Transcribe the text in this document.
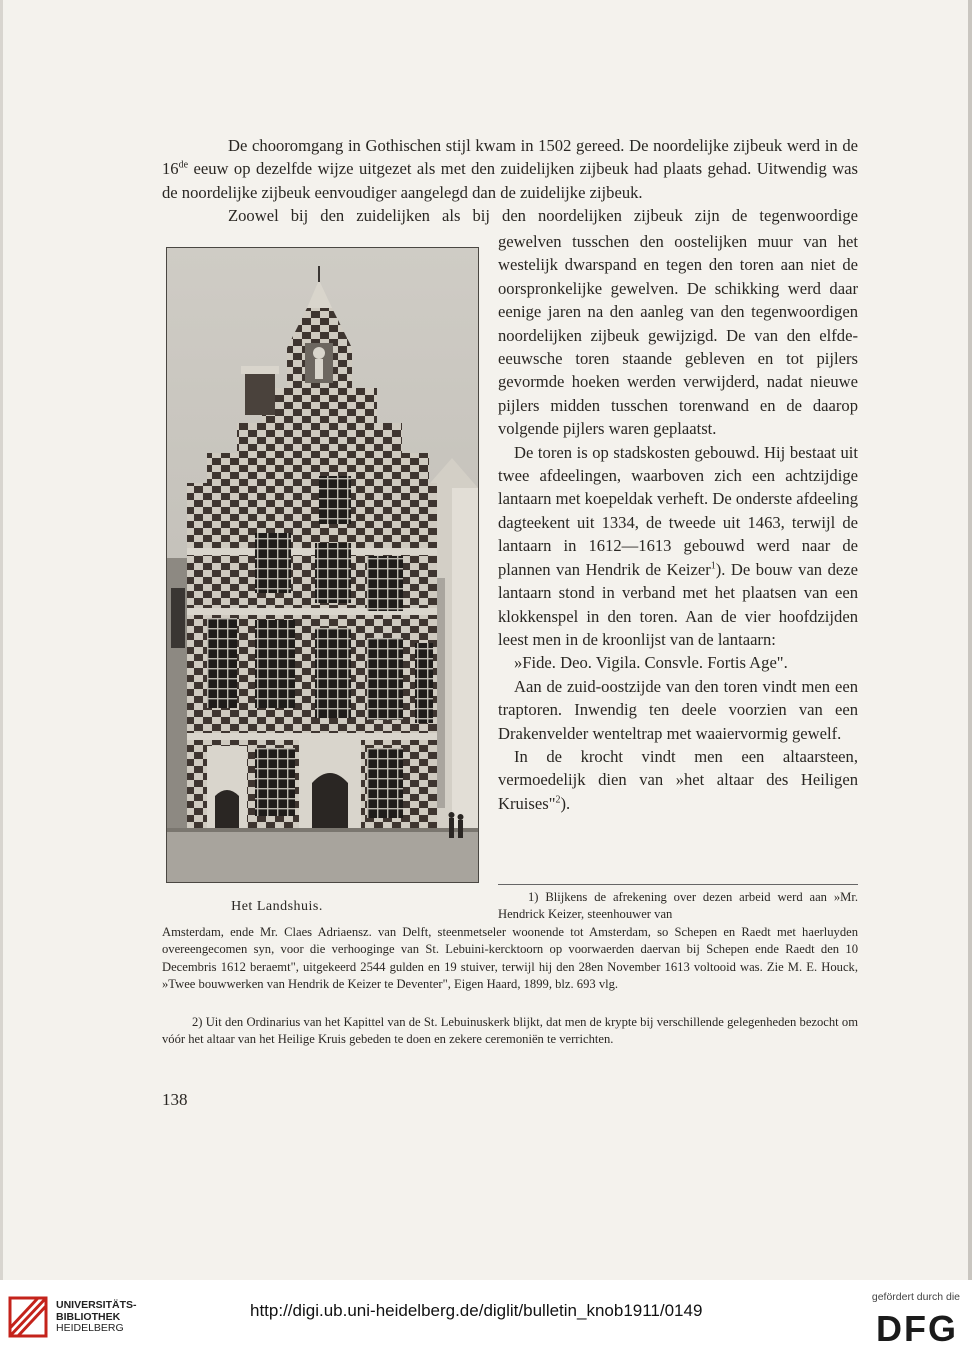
De chooromgang in Gothischen stijl kwam in 1502 gereed. De noordelijke zijbeuk werd in de 16de eeuw op dezelfde wijze uitgezet als met den zuidelijken zijbeuk had plaats gehad. Uitwendig was de noordelijke zijbeuk eenvoudiger aangelegd dan de zuidelijke zijbeuk.

Zoowel bij den zuidelijken als bij den noordelijken zijbeuk zijn de tegenwoordige

gewelven tusschen den oostelijken muur van het westelijk dwarspand en tegen den toren aan niet de oorspronkelijke gewelven. De schikking werd daar eenige jaren na den aanleg van den tegenwoordigen noordelijken zijbeuk gewijzigd. De van den elfde-eeuwsche toren staande gebleven en tot pijlers gevormde hoeken werden verwijderd, nadat nieuwe pijlers midden tusschen torenwand en de daarop volgende pijlers waren geplaatst.

De toren is op stadskosten gebouwd. Hij bestaat uit twee afdeelingen, waarboven zich een achtzijdige lantaarn met koepeldak verheft. De onderste afdeeling dagteekent uit 1334, de tweede uit 1463, terwijl de lantaarn in 1612—1613 gebouwd werd naar de plannen van Hendrik de Keizer$^1$). De bouw van deze lantaarn stond in verband met het plaatsen van een klokkenspel in den toren. Aan de vier hoofdzijden leest men in de kroonlijst van de lantaarn:

»Fide. Deo. Vigila. Consvle. Fortis Age".

Aan de zuid-oostzijde van den toren vindt men een traptoren. Inwendig ten deele voorzien van een Drakenvelder wenteltrap met waaiervormig gewelf.

In de krocht vindt men een altaarsteen, vermoedelijk dien van »het altaar des Heiligen Kruises"$^2$).

Het Landshuis.

1) Blijkens de afrekening over dezen arbeid werd aan »Mr. Hendrick Keizer, steenhouwer van

Amsterdam, ende Mr. Claes Adriaensz. van Delft, steenmetseler woonende tot Amsterdam, so Schepen en Raedt met haerluyden overeengecomen syn, voor die verhooginge van St. Lebuini-kercktoorn op voorwaerden daervan bij Schepen ende Raedt den 10 Decembris 1612 beraemt", uitgekeerd 2544 gulden en 19 stuiver, terwijl hij den 28en November 1613 voltooid was. Zie M. E. Houck, »Twee bouwwerken van Hendrik de Keizer te Deventer", Eigen Haard, 1899, blz. 693 vlg.

2) Uit den Ordinarius van het Kapittel van de St. Lebuinuskerk blijkt, dat men de krypte bij verschillende gelegenheden bezocht om vóór het altaar van het Heilige Kruis gebeden te doen en zekere ceremoniën te verrichten.

138
UNIVERSITÄTS-
BIBLIOTHEK
HEIDELBERG
http://digi.ub.uni-heidelberg.de/diglit/bulletin_knob1911/0149
gefördert durch die
DFG
